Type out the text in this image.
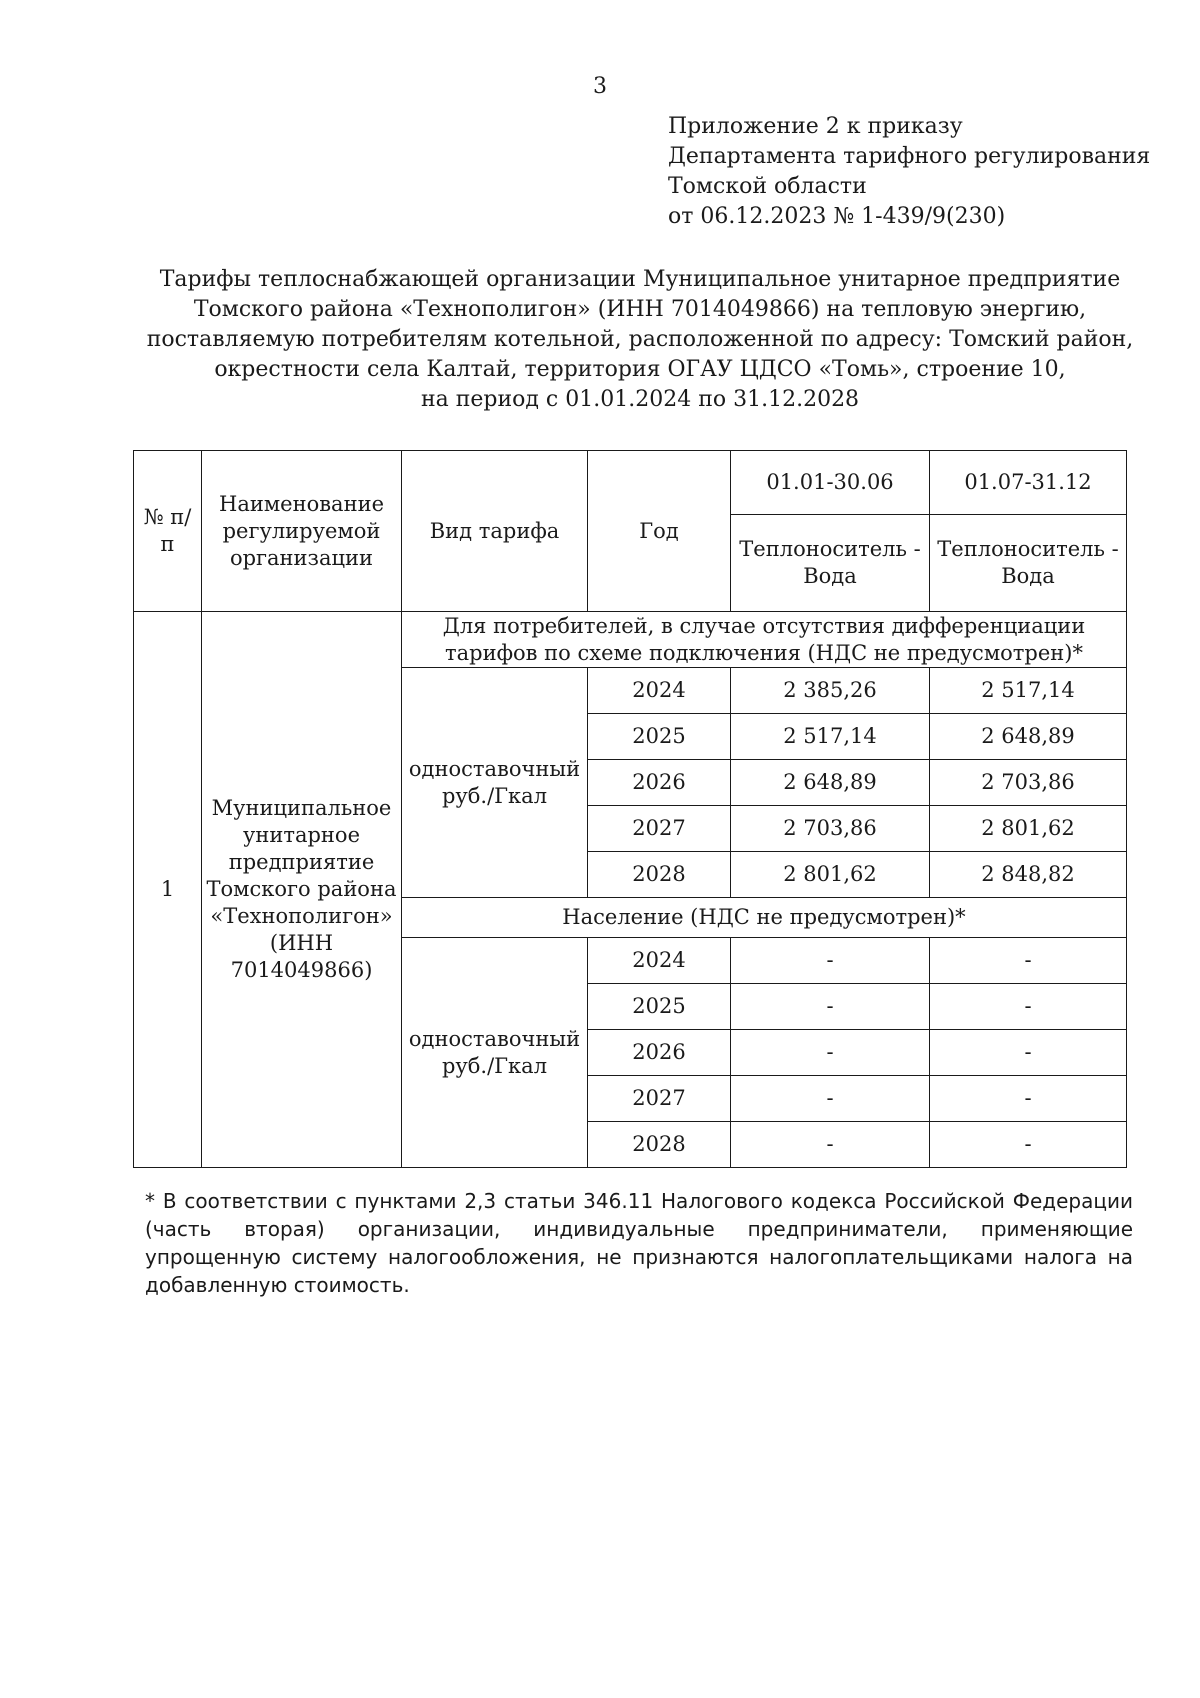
3
Приложение 2 к приказу
Департамента тарифного регулирования
Томской области
от 06.12.2023 № 1-439/9(230)
Тарифы теплоснабжающей организации Муниципальное унитарное предприятие
Томского района «Технополигон» (ИНН 7014049866) на тепловую энергию,
поставляемую потребителям котельной, расположенной по адресу: Томский район,
окрестности села Калтай, территория ОГАУ ЦДСО «Томь», строение 10,
на период с 01.01.2024 по 31.12.2028
№ п/п	Наименование регулируемой организации	Вид тарифа	Год	01.01-30.06	01.07-31.12
				Теплоноситель - Вода	Теплоноситель - Вода
1	Муниципальное унитарное предприятие Томского района «Технополигон» (ИНН 7014049866)	Для потребителей, в случае отсутствия дифференциации тарифов по схеме подключения (НДС не предусмотрен)*			
		одноставочный руб./Гкал	2024	2 385,26	2 517,14
			2025	2 517,14	2 648,89
			2026	2 648,89	2 703,86
			2027	2 703,86	2 801,62
			2028	2 801,62	2 848,82
		Население (НДС не предусмотрен)*			
		одноставочный руб./Гкал	2024	-	-
			2025	-	-
			2026	-	-
			2027	-	-
			2028	-	-
* В соответствии с пунктами 2,3 статьи 346.11 Налогового кодекса Российской Федерации (часть вторая) организации, индивидуальные предприниматели, применяющие упрощенную систему налогообложения, не признаются налогоплательщиками налога на добавленную стоимость.
